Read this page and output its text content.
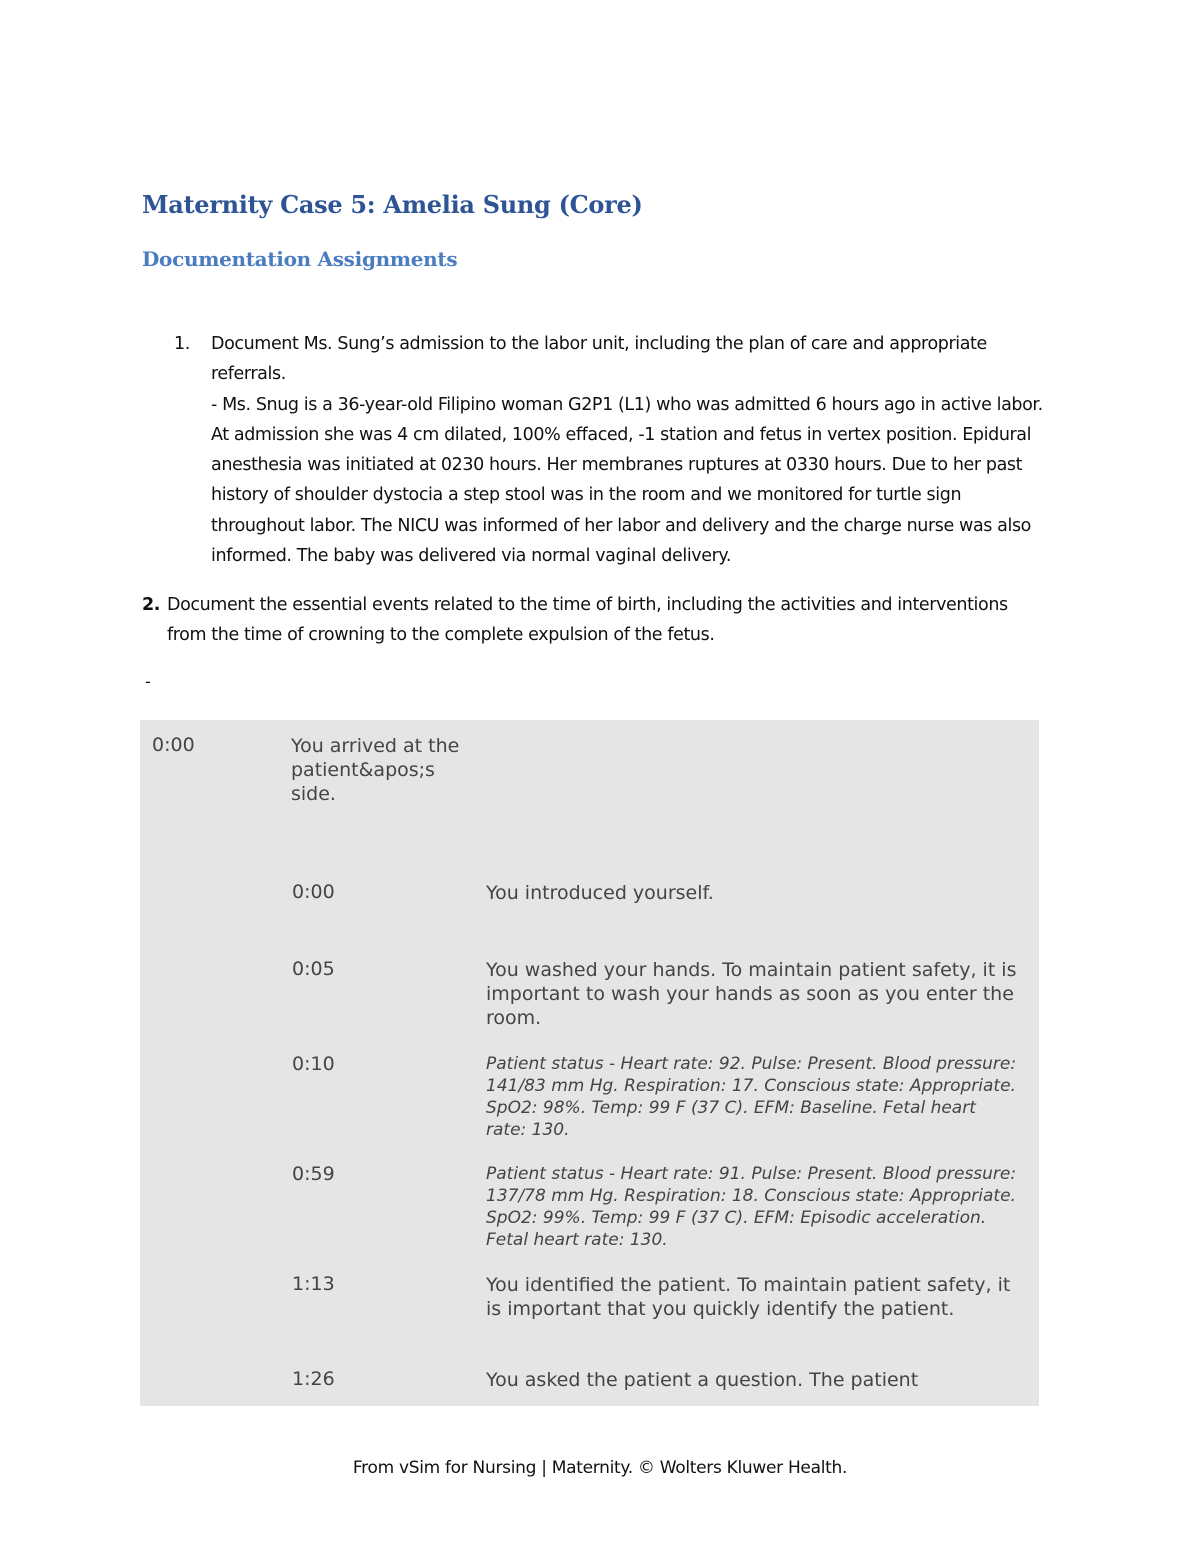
Maternity Case 5: Amelia Sung (Core)
Documentation Assignments
1. Document Ms. Sung’s admission to the labor unit, including the plan of care and appropriate referrals.

- Ms. Snug is a 36-year-old Filipino woman G2P1 (L1) who was admitted 6 hours ago in active labor. At admission she was 4 cm dilated, 100% effaced, -1 station and fetus in vertex position. Epidural anesthesia was initiated at 0230 hours. Her membranes ruptures at 0330 hours. Due to her past history of shoulder dystocia a step stool was in the room and we monitored for turtle sign throughout labor. The NICU was informed of her labor and delivery and the charge nurse was also informed. The baby was delivered via normal vaginal delivery.

2. Document the essential events related to the time of birth, including the activities and interventions from the time of crowning to the complete expulsion of the fetus.
-
0:00	You arrived at the patient&apos;s side.
0:00	You introduced yourself.
0:05	You washed your hands. To maintain patient safety, it is important to wash your hands as soon as you enter the room.
0:10	Patient status - Heart rate: 92. Pulse: Present. Blood pressure: 141/83 mm Hg. Respiration: 17. Conscious state: Appropriate. SpO2: 98%. Temp: 99 F (37 C). EFM: Baseline. Fetal heart rate: 130.
0:59	Patient status - Heart rate: 91. Pulse: Present. Blood pressure: 137/78 mm Hg. Respiration: 18. Conscious state: Appropriate. SpO2: 99%. Temp: 99 F (37 C). EFM: Episodic acceleration. Fetal heart rate: 130.
1:13	You identified the patient. To maintain patient safety, it is important that you quickly identify the patient.
1:26	You asked the patient a question. The patient
From vSim for Nursing | Maternity. © Wolters Kluwer Health.
